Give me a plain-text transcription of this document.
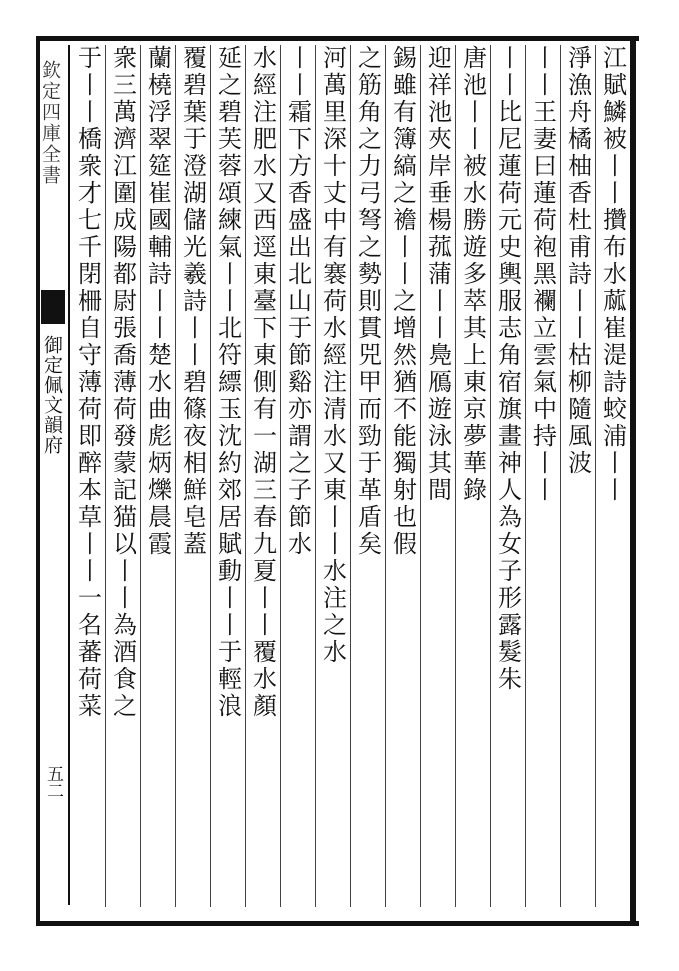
欽定四庫全書
御定佩文韻府
五二
江賦鱗被丨丨攢布水蓏崔湜詩蛟浦丨丨
淨漁舟橘柚香杜甫詩丨丨枯柳隨風波
丨丨王妻曰蓮荷袍黑襴立雲氣中持丨丨
丨丨比尼蓮荷元史輿服志角宿旗畫神人為女子形露髮朱
唐池丨丨被水勝遊多萃其上東京夢華錄
迎祥池夾岸垂楊菰蒲丨丨鳧鴈遊泳其間
錫雖有簿縞之襜丨丨之增然猶不能獨射也假
之筋角之力弓弩之勢則貫兕甲而勁于革盾矣
河萬里深十丈中有褰荷水經注清水又東丨丨水注之水
丨丨霜下方香盛出北山于節谿亦謂之子節水
水經注肥水又西逕東臺下東側有一湖三春九夏丨丨覆水顏
延之碧芙蓉頌練氣丨丨北符縹玉沈約郊居賦動丨丨于輕浪
覆碧葉于澄湖儲光羲詩丨丨碧篠夜相鮮皂蓋
蘭橈浮翠筵崔國輔詩丨丨楚水曲彪炳爍晨霞
衆三萬濟江圍成陽都尉張喬薄荷發蒙記猫以丨丨為酒食之
于丨丨橋衆才七千閉柵自守薄荷即醉本草丨丨一名蕃荷菜
